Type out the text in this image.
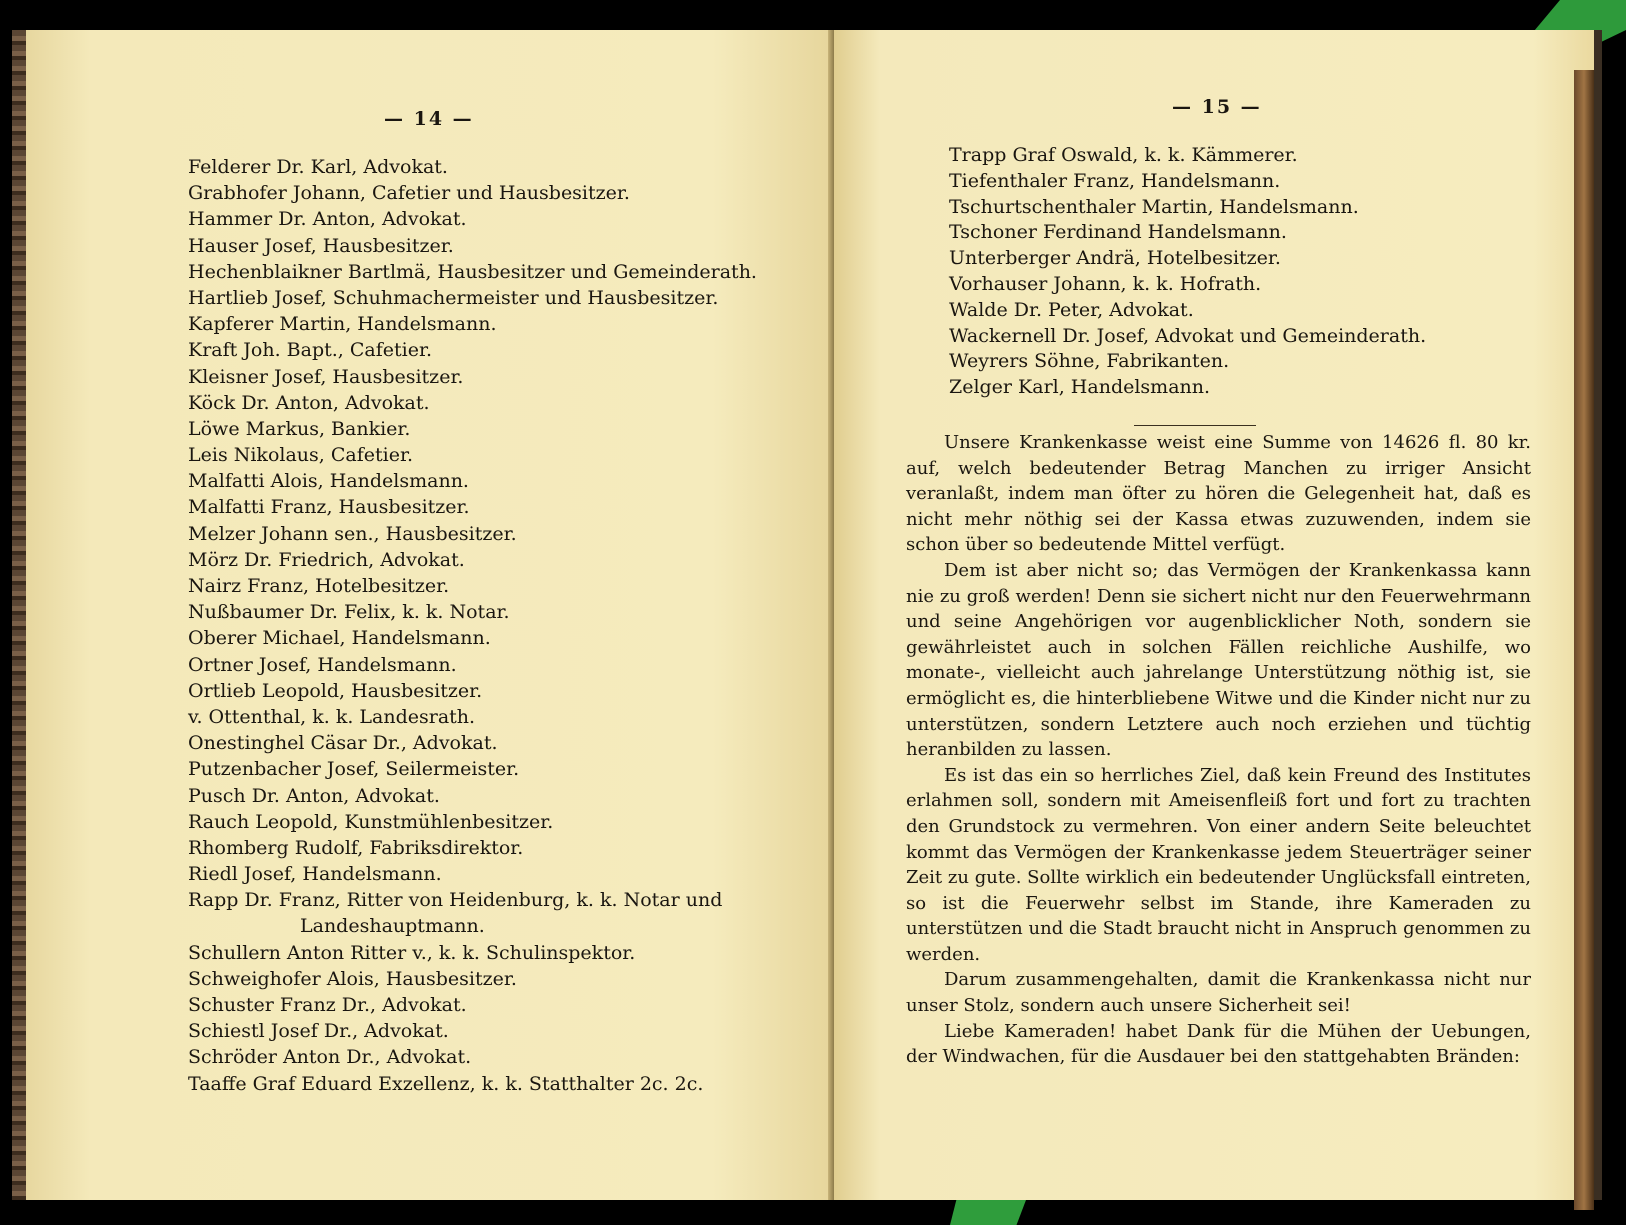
— 14 —
Felderer Dr. Karl, Advokat.
Grabhofer Johann, Cafetier und Hausbesitzer.
Hammer Dr. Anton, Advokat.
Hauser Josef, Hausbesitzer.
Hechenblaikner Bartlmä, Hausbesitzer und Gemeinderath.
Hartlieb Josef, Schuhmachermeister und Hausbesitzer.
Kapferer Martin, Handelsmann.
Kraft Joh. Bapt., Cafetier.
Kleisner Josef, Hausbesitzer.
Köck Dr. Anton, Advokat.
Löwe Markus, Bankier.
Leis Nikolaus, Cafetier.
Malfatti Alois, Handelsmann.
Malfatti Franz, Hausbesitzer.
Melzer Johann sen., Hausbesitzer.
Mörz Dr. Friedrich, Advokat.
Nairz Franz, Hotelbesitzer.
Nußbaumer Dr. Felix, k. k. Notar.
Oberer Michael, Handelsmann.
Ortner Josef, Handelsmann.
Ortlieb Leopold, Hausbesitzer.
v. Ottenthal, k. k. Landesrath.
Onestinghel Cäsar Dr., Advokat.
Putzenbacher Josef, Seilermeister.
Pusch Dr. Anton, Advokat.
Rauch Leopold, Kunstmühlenbesitzer.
Rhomberg Rudolf, Fabriksdirektor.
Riedl Josef, Handelsmann.
Rapp Dr. Franz, Ritter von Heidenburg, k. k. Notar und
Landeshauptmann.
Schullern Anton Ritter v., k. k. Schulinspektor.
Schweighofer Alois, Hausbesitzer.
Schuster Franz Dr., Advokat.
Schiestl Josef Dr., Advokat.
Schröder Anton Dr., Advokat.
Taaffe Graf Eduard Exzellenz, k. k. Statthalter 2c. 2c.
— 15 —
Trapp Graf Oswald, k. k. Kämmerer.
Tiefenthaler Franz, Handelsmann.
Tschurtschenthaler Martin, Handelsmann.
Tschoner Ferdinand Handelsmann.
Unterberger Andrä, Hotelbesitzer.
Vorhauser Johann, k. k. Hofrath.
Walde Dr. Peter, Advokat.
Wackernell Dr. Josef, Advokat und Gemeinderath.
Weyrers Söhne, Fabrikanten.
Zelger Karl, Handelsmann.

Unsere Krankenkasse weist eine Summe von 14626 fl. 80 kr. auf, welch bedeutender Betrag Manchen zu irriger Ansicht veranlaßt, indem man öfter zu hören die Gelegenheit hat, daß es nicht mehr nöthig sei der Kassa etwas zuzuwenden, indem sie schon über so bedeutende Mittel verfügt.

Dem ist aber nicht so; das Vermögen der Krankenkassa kann nie zu groß werden! Denn sie sichert nicht nur den Feuerwehrmann und seine Angehörigen vor augenblicklicher Noth, sondern sie gewährleistet auch in solchen Fällen reichliche Aushilfe, wo monate-, vielleicht auch jahrelange Unterstützung nöthig ist, sie ermöglicht es, die hinterbliebene Witwe und die Kinder nicht nur zu unterstützen, sondern Letztere auch noch erziehen und tüchtig heranbilden zu lassen.

Es ist das ein so herrliches Ziel, daß kein Freund des Institutes erlahmen soll, sondern mit Ameisenfleiß fort und fort zu trachten den Grundstock zu vermehren. Von einer andern Seite beleuchtet kommt das Vermögen der Krankenkasse jedem Steuerträger seiner Zeit zu gute. Sollte wirklich ein bedeutender Unglücksfall eintreten, so ist die Feuerwehr selbst im Stande, ihre Kameraden zu unterstützen und die Stadt braucht nicht in Anspruch genommen zu werden.

Darum zusammengehalten, damit die Krankenkassa nicht nur unser Stolz, sondern auch unsere Sicherheit sei!

Liebe Kameraden! habet Dank für die Mühen der Uebungen, der Windwachen, für die Ausdauer bei den stattgehabten Bränden:
